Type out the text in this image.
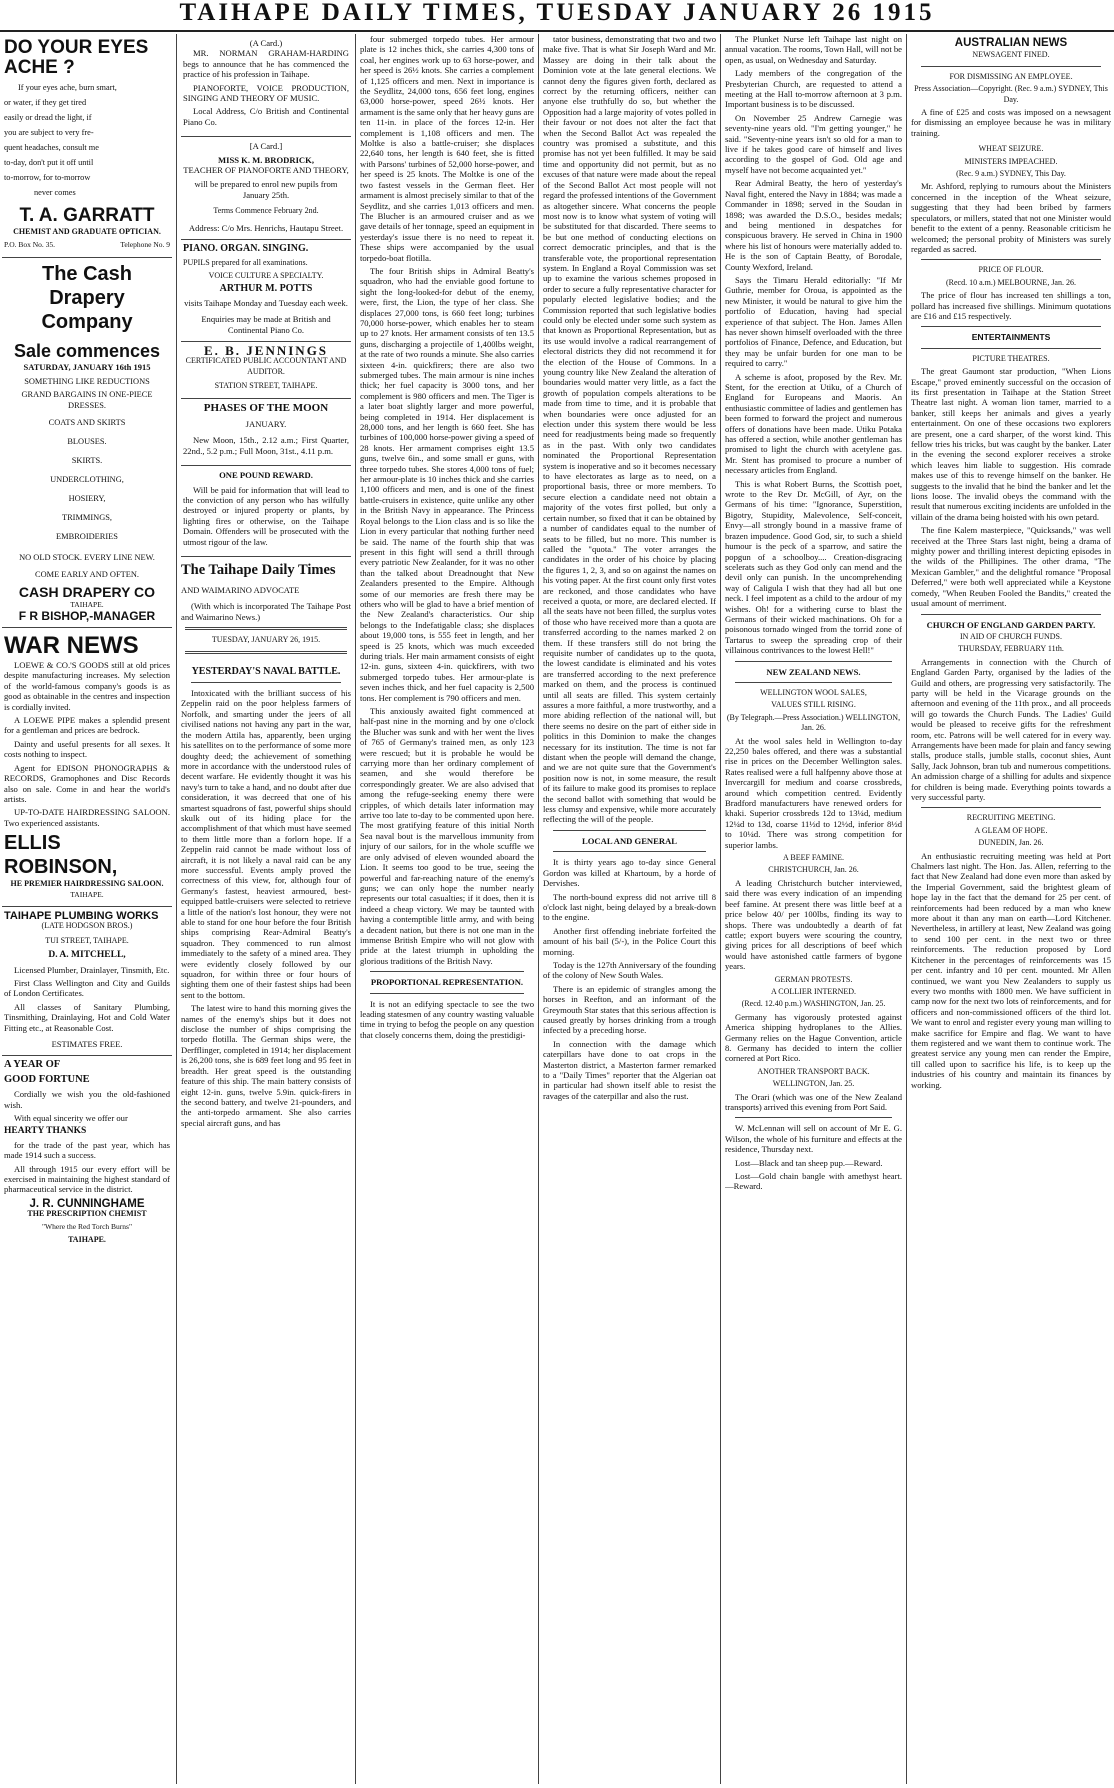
TAIHAPE DAILY TIMES, TUESDAY JANUARY 26 1915
DO YOUR EYES ACHE ?
If your eyes ache, burn smart,
or water, if they get tired
easily or dread the light, if
you are subject to very fre-
quent headaches, consult me
to-day, don't put it off until
to-morrow, for to-morrow
never comes
T. A. GARRATT
CHEMIST AND GRADUATE OPTICIAN.
P.O. Box No. 35.	Telephone No. 9
The Cash Drapery Company
Sale commences
SATURDAY, JANUARY 16th 1915
SOMETHING LIKE REDUCTIONS
GRAND BARGAINS IN ONE-PIECE DRESSES.
COATS AND SKIRTS
BLOUSES.
SKIRTS.
UNDERCLOTHING,
HOSIERY,
TRIMMINGS,
EMBROIDERIES
NO OLD STOCK. EVERY LINE NEW.
COME EARLY AND OFTEN.
CASH DRAPERY CO
TAIHAPE.
F R BISHOP,-MANAGER
WAR NEWS

LOEWE & CO.'S GOODS still at old prices despite manufacturing increases. My selection of the world-famous company's goods is as good as obtainable in the centres and inspection is cordially invited.

A LOEWE PIPE makes a splendid present for a gentleman and prices are bedrock.

Dainty and useful presents for all sexes. It costs nothing to inspect.

Agent for EDISON PHONOGRAPHS & RECORDS, Gramophones and Disc Records also on sale. Come in and hear the world's artists.

UP-TO-DATE HAIRDRESSING SALOON. Two experienced assistants.

ELLIS ROBINSON,
HE PREMIER HAIRDRESSING SALOON.
TAIHAPE.
TAIHAPE PLUMBING WORKS
(LATE HODGSON BROS.)
TUI STREET, TAIHAPE.
D. A. MITCHELL,

Licensed Plumber, Drainlayer, Tinsmith, Etc.

First Class Wellington and City and Guilds of London Certificates.

All classes of Sanitary Plumbing, Tinsmithing, Drainlaying, Hot and Cold Water Fitting etc., at Reasonable Cost.

ESTIMATES FREE.
A YEAR OF
GOOD FORTUNE

Cordially we wish you the old-fashioned wish.

With equal sincerity we offer our

HEARTY THANKS

for the trade of the past year, which has made 1914 such a success.

All through 1915 our every effort will be exercised in maintaining the highest standard of pharmaceutical service in the district.

J. R. CUNNINGHAME
THE PRESCRIPTION CHEMIST
"Where the Red Torch Burns"
TAIHAPE.
(A Card.)

MR. NORMAN GRAHAM-HARDING begs to announce that he has commenced the practice of his profession in Taihape.

PIANOFORTE, VOICE PRODUCTION, SINGING AND THEORY OF MUSIC.

Local Address, C/o British and Continental Piano Co.

[A Card.]
MISS K. M. BRODRICK,
TEACHER OF PIANOFORTE AND THEORY,
will be prepared to enrol new pupils from January 25th.
Terms Commence February 2nd.
Address: C/o Mrs. Henrichs, Hautapu Street.
PIANO. ORGAN. SINGING.
PUPILS prepared for all examinations.
VOICE CULTURE A SPECIALTY.
ARTHUR M. POTTS
visits Taihape Monday and Tuesday each week.
Enquiries may be made at British and Continental Piano Co.
E. B. JENNINGS
CERTIFICATED PUBLIC ACCOUNTANT AND AUDITOR.
STATION STREET, TAIHAPE.
PHASES OF THE MOON
JANUARY.

New Moon, 15th., 2.12 a.m.; First Quarter, 22nd., 5.2 p.m.; Full Moon, 31st., 4.11 p.m.

ONE POUND REWARD.

Will be paid for information that will lead to the conviction of any person who has wilfully destroyed or injured property or plants, by lighting fires or otherwise, on the Taihape Domain. Offenders will be prosecuted with the utmost rigour of the law.

The Taihape Daily Times
AND WAIMARINO ADVOCATE

(With which is incorporated The Taihape Post and Waimarino News.)

TUESDAY, JANUARY 26, 1915.
YESTERDAY'S NAVAL BATTLE.

Intoxicated with the brilliant success of his Zeppelin raid on the poor helpless farmers of Norfolk, and smarting under the jeers of all civilised nations not having any part in the war, the modern Attila has, apparently, been urging his satellites on to the performance of some more doughty deed; the achievement of something more in accordance with the understood rules of decent warfare. He evidently thought it was his navy's turn to take a hand, and no doubt after due consideration, it was decreed that one of his smartest squadrons of fast, powerful ships should skulk out of its hiding place for the accomplishment of that which must have seemed to them little more than a forlorn hope. If a Zeppelin raid cannot be made without loss of aircraft, it is not likely a naval raid can be any more successful. Events amply proved the correctness of this view, for, although four of Germany's fastest, heaviest armoured, best-equipped battle-cruisers were selected to retrieve a little of the nation's lost honour, they were not able to stand for one hour before the four British ships comprising Rear-Admiral Beatty's squadron. They commenced to run almost immediately to the safety of a mined area. They were evidently closely followed by our squadron, for within three or four hours of sighting them one of their fastest ships had been sent to the bottom.

The latest wire to hand this morning gives the names of the enemy's ships but it does not disclose the number of ships comprising the torpedo flotilla. The German ships were, the Derfflinger, completed in 1914; her displacement is 26,200 tons, she is 689 feet long and 95 feet in breadth. Her great speed is the outstanding feature of this ship. The main battery consists of eight 12-in. guns, twelve 5.9in. quick-firers in the second battery, and twelve 21-pounders, and the anti-torpedo armament. She also carries special aircraft guns, and has

four submerged torpedo tubes. Her armour plate is 12 inches thick, she carries 4,300 tons of coal, her engines work up to 63 horse-power, and her speed is 26½ knots. She carries a complement of 1,125 officers and men. Next in importance is the Seydlitz, 24,000 tons, 656 feet long, engines 63,000 horse-power, speed 26½ knots. Her armament is the same only that her heavy guns are ten 11-in. in place of the forces 12-in. Her complement is 1,108 officers and men. The Moltke is also a battle-cruiser; she displaces 22,640 tons, her length is 640 feet, she is fitted with Parsons' turbines of 52,000 horse-power, and her speed is 25 knots. The Moltke is one of the two fastest vessels in the German fleet. Her armament is almost precisely similar to that of the Seydlitz, and she carries 1,013 officers and men. The Blucher is an armoured cruiser and as we gave details of her tonnage, speed an equipment in yesterday's issue there is no need to repeat it. These ships were accompanied by the usual torpedo-boat flotilla.

The four British ships in Admiral Beatty's squadron, who had the enviable good fortune to sight the long-looked-for debut of the enemy, were, first, the Lion, the type of her class. She displaces 27,000 tons, is 660 feet long; turbines 70,000 horse-power, which enables her to steam up to 27 knots. Her armament consists of ten 13.5 guns, discharging a projectile of 1,400lbs weight, at the rate of two rounds a minute. She also carries sixteen 4-in. quickfirers; there are also two submerged tubes. The main armour is nine inches thick; her fuel capacity is 3000 tons, and her complement is 980 officers and men. The Tiger is a later boat slightly larger and more powerful, being completed in 1914. Her displacement is 28,000 tons, and her length is 660 feet. She has turbines of 100,000 horse-power giving a speed of 28 knots. Her armament comprises eight 13.5 guns, twelve 6in., and some small er guns, with three torpedo tubes. She stores 4,000 tons of fuel; her armour-plate is 10 inches thick and she carries 1,100 officers and men, and is one of the finest battle-cruisers in existence, quite unlike any other in the British Navy in appearance. The Princess Royal belongs to the Lion class and is so like the Lion in every particular that nothing further need be said. The name of the fourth ship that was present in this fight will send a thrill through every patriotic New Zealander, for it was no other than the talked about Dreadnought that New Zealanders presented to the Empire. Although some of our memories are fresh there may be others who will be glad to have a brief mention of the New Zealand's characteristics. Our ship belongs to the Indefatigable class; she displaces about 19,000 tons, is 555 feet in length, and her speed is 25 knots, which was much exceeded during trials. Her main armament consists of eight 12-in. guns, sixteen 4-in. quickfirers, with two submerged torpedo tubes. Her armour-plate is seven inches thick, and her fuel capacity is 2,500 tons. Her complement is 790 officers and men.

This anxiously awaited fight commenced at half-past nine in the morning and by one o'clock the Blucher was sunk and with her went the lives of 765 of Germany's trained men, as only 123 were rescued; but it is probable he would be carrying more than her ordinary complement of seamen, and she would therefore be correspondingly greater. We are also advised that among the refuge-seeking enemy there were cripples, of which details later information may arrive too late to-day to be commented upon here. The most gratifying feature of this initial North Sea naval bout is the marvellous immunity from injury of our sailors, for in the whole scuffle we are only advised of eleven wounded aboard the Lion. It seems too good to be true, seeing the powerful and far-reaching nature of the enemy's guns; we can only hope the number nearly represents our total casualties; if it does, then it is indeed a cheap victory. We may be taunted with having a contemptible little army, and with being a decadent nation, but there is not one man in the immense British Empire who will not glow with pride at the latest triumph in upholding the glorious traditions of the British Navy.

PROPORTIONAL REPRESENTATION.

It is not an edifying spectacle to see the two leading statesmen of any country wasting valuable time in trying to befog the people on any question that closely concerns them, doing the prestidigi-

tator business, demonstrating that two and two make five. That is what Sir Joseph Ward and Mr. Massey are doing in their talk about the Dominion vote at the late general elections. We cannot deny the figures given forth, declared as correct by the returning officers, neither can anyone else truthfully do so, but whether the Opposition had a large majority of votes polled in their favour or not does not alter the fact that when the Second Ballot Act was repealed the country was promised a substitute, and this promise has not yet been fulfilled. It may be said time and opportunity did not permit, but as no excuses of that nature were made about the repeal of the Second Ballot Act most people will not regard the professed intentions of the Government as altogether sincere. What concerns the people most now is to know what system of voting will be substituted for that discarded. There seems to be but one method of conducting elections on correct democratic principles, and that is the transferable vote, the proportional representation system. In England a Royal Commission was set up to examine the various schemes proposed in order to secure a fully representative character for popularly elected legislative bodies; and the Commission reported that such legislative bodies could only be elected under some such system as that known as Proportional Representation, but as its use would involve a radical rearrangement of electoral districts they did not recommend it for the election of the House of Commons. In a young country like New Zealand the alteration of boundaries would matter very little, as a fact the growth of population compels alterations to be made from time to time, and it is probable that when boundaries were once adjusted for an election under this system there would be less need for readjustments being made so frequently as in the past. With only two candidates nominated the Proportional Representation system is inoperative and so it becomes necessary to have electorates as large as to need, on a proportional basis, three or more members. To secure election a candidate need not obtain a majority of the votes first polled, but only a certain number, so fixed that it can be obtained by a number of candidates equal to the number of seats to be filled, but no more. This number is called the "quota." The voter arranges the candidates in the order of his choice by placing the figures 1, 2, 3, and so on against the names on his voting paper. At the first count only first votes are reckoned, and those candidates who have received a quota, or more, are declared elected. If all the seats have not been filled, the surplus votes of those who have received more than a quota are transferred according to the names marked 2 on them. If these transfers still do not bring the requisite number of candidates up to the quota, the lowest candidate is eliminated and his votes are transferred according to the next preference marked on them, and the process is continued until all seats are filled. This system certainly assures a more faithful, a more trustworthy, and a more abiding reflection of the national will, but there seems no desire on the part of either side in politics in this Dominion to make the changes necessary for its institution. The time is not far distant when the people will demand the change, and we are not quite sure that the Government's position now is not, in some measure, the result of its failure to make good its promises to replace the second ballot with something that would be less clumsy and expensive, while more accurately reflecting the will of the people.

LOCAL AND GENERAL

It is thirty years ago to-day since General Gordon was killed at Khartoum, by a horde of Dervishes.

The north-bound express did not arrive till 8 o'clock last night, being delayed by a break-down to the engine.

Another first offending inebriate forfeited the amount of his bail (5/-), in the Police Court this morning.

Today is the 127th Anniversary of the founding of the colony of New South Wales.

There is an epidemic of strangles among the horses in Reefton, and an informant of the Greymouth Star states that this serious affection is caused greatly by horses drinking from a trough infected by a preceding horse.

In connection with the damage which caterpillars have done to oat crops in the Masterton district, a Masterton farmer remarked to a "Daily Times" reporter that the Algerian oat in particular had shown itself able to resist the ravages of the caterpillar and also the rust.

The Plunket Nurse left Taihape last night on annual vacation. The rooms, Town Hall, will not be open, as usual, on Wednesday and Saturday.

Lady members of the congregation of the Presbyterian Church, are requested to attend a meeting at the Hall to-morrow afternoon at 3 p.m. Important business is to be discussed.

On November 25 Andrew Carnegie was seventy-nine years old. "I'm getting younger," he said. "Seventy-nine years isn't so old for a man to live if he takes good care of himself and lives according to the gospel of God. Old age and myself have not become acquainted yet."

Rear Admiral Beatty, the hero of yesterday's Naval fight, entered the Navy in 1884; was made a Commander in 1898; served in the Soudan in 1898; was awarded the D.S.O., besides medals; and being mentioned in despatches for conspicuous bravery. He served in China in 1900 where his list of honours were materially added to. He is the son of Captain Beatty, of Borodale, County Wexford, Ireland.

Says the Timaru Herald editorially: "If Mr Guthrie, member for Oroua, is appointed as the new Minister, it would be natural to give him the portfolio of Education, having had special experience of that subject. The Hon. James Allen has never shown himself overloaded with the three portfolios of Finance, Defence, and Education, but they may be unfair burden for one man to be required to carry."

A scheme is afoot, proposed by the Rev. Mr. Stent, for the erection at Utiku, of a Church of England for Europeans and Maoris. An enthusiastic committee of ladies and gentlemen has been formed to forward the project and numerous offers of donations have been made. Utiku Potaka has offered a section, while another gentleman has promised to light the church with acetylene gas. Mr. Stent has promised to procure a number of necessary articles from England.

This is what Robert Burns, the Scottish poet, wrote to the Rev Dr. McGill, of Ayr, on the Germans of his time: "Ignorance, Superstition, Bigotry, Stupidity, Malevolence, Self-conceit, Envy—all strongly bound in a massive frame of brazen impudence. Good God, sir, to such a shield humour is the peck of a sparrow, and satire the popgun of a schoolboy.... Creation-disgracing scelerats such as they God only can mend and the devil only can punish. In the uncomprehending way of Caligula I wish that they had all but one neck. I feel impotent as a child to the ardour of my wishes. Oh! for a withering curse to blast the Germans of their wicked machinations. Oh for a poisonous tornado winged from the torrid zone of Tartarus to sweep the spreading crop of their villainous contrivances to the lowest Hell!"

NEW ZEALAND NEWS.
WELLINGTON WOOL SALES,
VALUES STILL RISING.
(By Telegraph.—Press Association.) WELLINGTON, Jan. 26.

At the wool sales held in Wellington to-day 22,250 bales offered, and there was a substantial rise in prices on the December Wellington sales. Rates realised were a full halfpenny above those at Invercargill for medium and coarse crossbreds, around which competition centred. Evidently Bradford manufacturers have renewed orders for khaki. Superior crossbreds 12d to 13¼d, medium 12¼d to 13d, coarse 11½d to 12½d, inferior 8½d to 10¼d. There was strong competition for superior lambs.

A BEEF FAMINE.
CHRISTCHURCH, Jan. 26.

A leading Christchurch butcher interviewed, said there was every indication of an impending beef famine. At present there was little beef at a price below 40/ per 100lbs, finding its way to shops. There was undoubtedly a dearth of fat cattle; export buyers were scouring the country, giving prices for all descriptions of beef which would have astonished cattle farmers of bygone years.

GERMAN PROTESTS.
A COLLIER INTERNED.
(Recd. 12.40 p.m.) WASHINGTON, Jan. 25.

Germany has vigorously protested against America shipping hydroplanes to the Allies. Germany relies on the Hague Convention, article 8. Germany has decided to intern the collier cornered at Port Rico.

ANOTHER TRANSPORT BACK.
WELLINGTON, Jan. 25.

The Orari (which was one of the New Zealand transports) arrived this evening from Port Said.

W. McLennan will sell on account of Mr E. G. Wilson, the whole of his furniture and effects at the residence, Thursday next.

Lost—Black and tan sheep pup.—Reward.

Lost—Gold chain bangle with amethyst heart.—Reward.

AUSTRALIAN NEWS
NEWSAGENT FINED.
FOR DISMISSING AN EMPLOYEE.
Press Association—Copyright. (Rec. 9 a.m.) SYDNEY, This Day.

A fine of £25 and costs was imposed on a newsagent for dismissing an employee because he was in military training.

WHEAT SEIZURE.
MINISTERS IMPEACHED.
(Rec. 9 a.m.) SYDNEY, This Day.

Mr. Ashford, replying to rumours about the Ministers concerned in the inception of the Wheat seizure, suggesting that they had been bribed by farmers speculators, or millers, stated that not one Minister would benefit to the extent of a penny. Reasonable criticism he welcomed; the personal probity of Ministers was surely regarded as sacred.

PRICE OF FLOUR.
(Recd. 10 a.m.) MELBOURNE, Jan. 26.

The price of flour has increased ten shillings a ton, pollard has increased five shillings. Minimum quotations are £16 and £15 respectively.

ENTERTAINMENTS
PICTURE THEATRES.

The great Gaumont star production, "When Lions Escape," proved eminently successful on the occasion of its first presentation in Taihape at the Station Street Theatre last night. A woman lion tamer, married to a banker, still keeps her animals and gives a yearly entertainment. On one of these occasions two explorers are present, one a card sharper, of the worst kind. This fellow tries his tricks, but was caught by the banker. Later in the evening the second explorer receives a stroke which leaves him liable to suggestion. His comrade makes use of this to revenge himself on the banker. He suggests to the invalid that he bind the banker and let the lions loose. The invalid obeys the command with the result that numerous exciting incidents are unfolded in the villain of the drama being hoisted with his own petard.

The fine Kalem masterpiece, "Quicksands," was well received at the Three Stars last night, being a drama of mighty power and thrilling interest depicting episodes in the wilds of the Phillipines. The other drama, "The Mexican Gambler," and the delightful romance "Proposal Deferred," were both well appreciated while a Keystone comedy, "When Reuben Fooled the Bandits," created the usual amount of merriment.

CHURCH OF ENGLAND GARDEN PARTY.
IN AID OF CHURCH FUNDS.
THURSDAY, FEBRUARY 11th.

Arrangements in connection with the Church of England Garden Party, organised by the ladies of the Guild and others, are progressing very satisfactorily. The party will be held in the Vicarage grounds on the afternoon and evening of the 11th prox., and all proceeds will go towards the Church Funds. The Ladies' Guild would be pleased to receive gifts for the refreshment room, etc. Patrons will be well catered for in every way. Arrangements have been made for plain and fancy sewing stalls, produce stalls, jumble stalls, coconut shies, Aunt Sally, Jack Johnson, bran tub and numerous competitions. An admission charge of a shilling for adults and sixpence for children is being made. Everything points towards a very successful party.

RECRUITING MEETING.
A GLEAM OF HOPE.
DUNEDIN, Jan. 26.

An enthusiastic recruiting meeting was held at Port Chalmers last night. The Hon. Jas. Allen, referring to the fact that New Zealand had done even more than asked by the Imperial Government, said the brightest gleam of hope lay in the fact that the demand for 25 per cent. of reinforcements had been reduced by a man who knew more about it than any man on earth—Lord Kitchener. Nevertheless, in artillery at least, New Zealand was going to send 100 per cent. in the next two or three reinforcements. The reduction proposed by Lord Kitchener in the percentages of reinforcements was 15 per cent. infantry and 10 per cent. mounted. Mr Allen continued, we want you New Zealanders to supply us every two months with 1800 men. We have sufficient in camp now for the next two lots of reinforcements, and for officers and non-commissioned officers of the third lot. We want to enrol and register every young man willing to make sacrifice for Empire and flag. We want to have them registered and we want them to continue work. The greatest service any young men can render the Empire, till called upon to sacrifice his life, is to keep up the industries of his country and maintain its finances by working.
